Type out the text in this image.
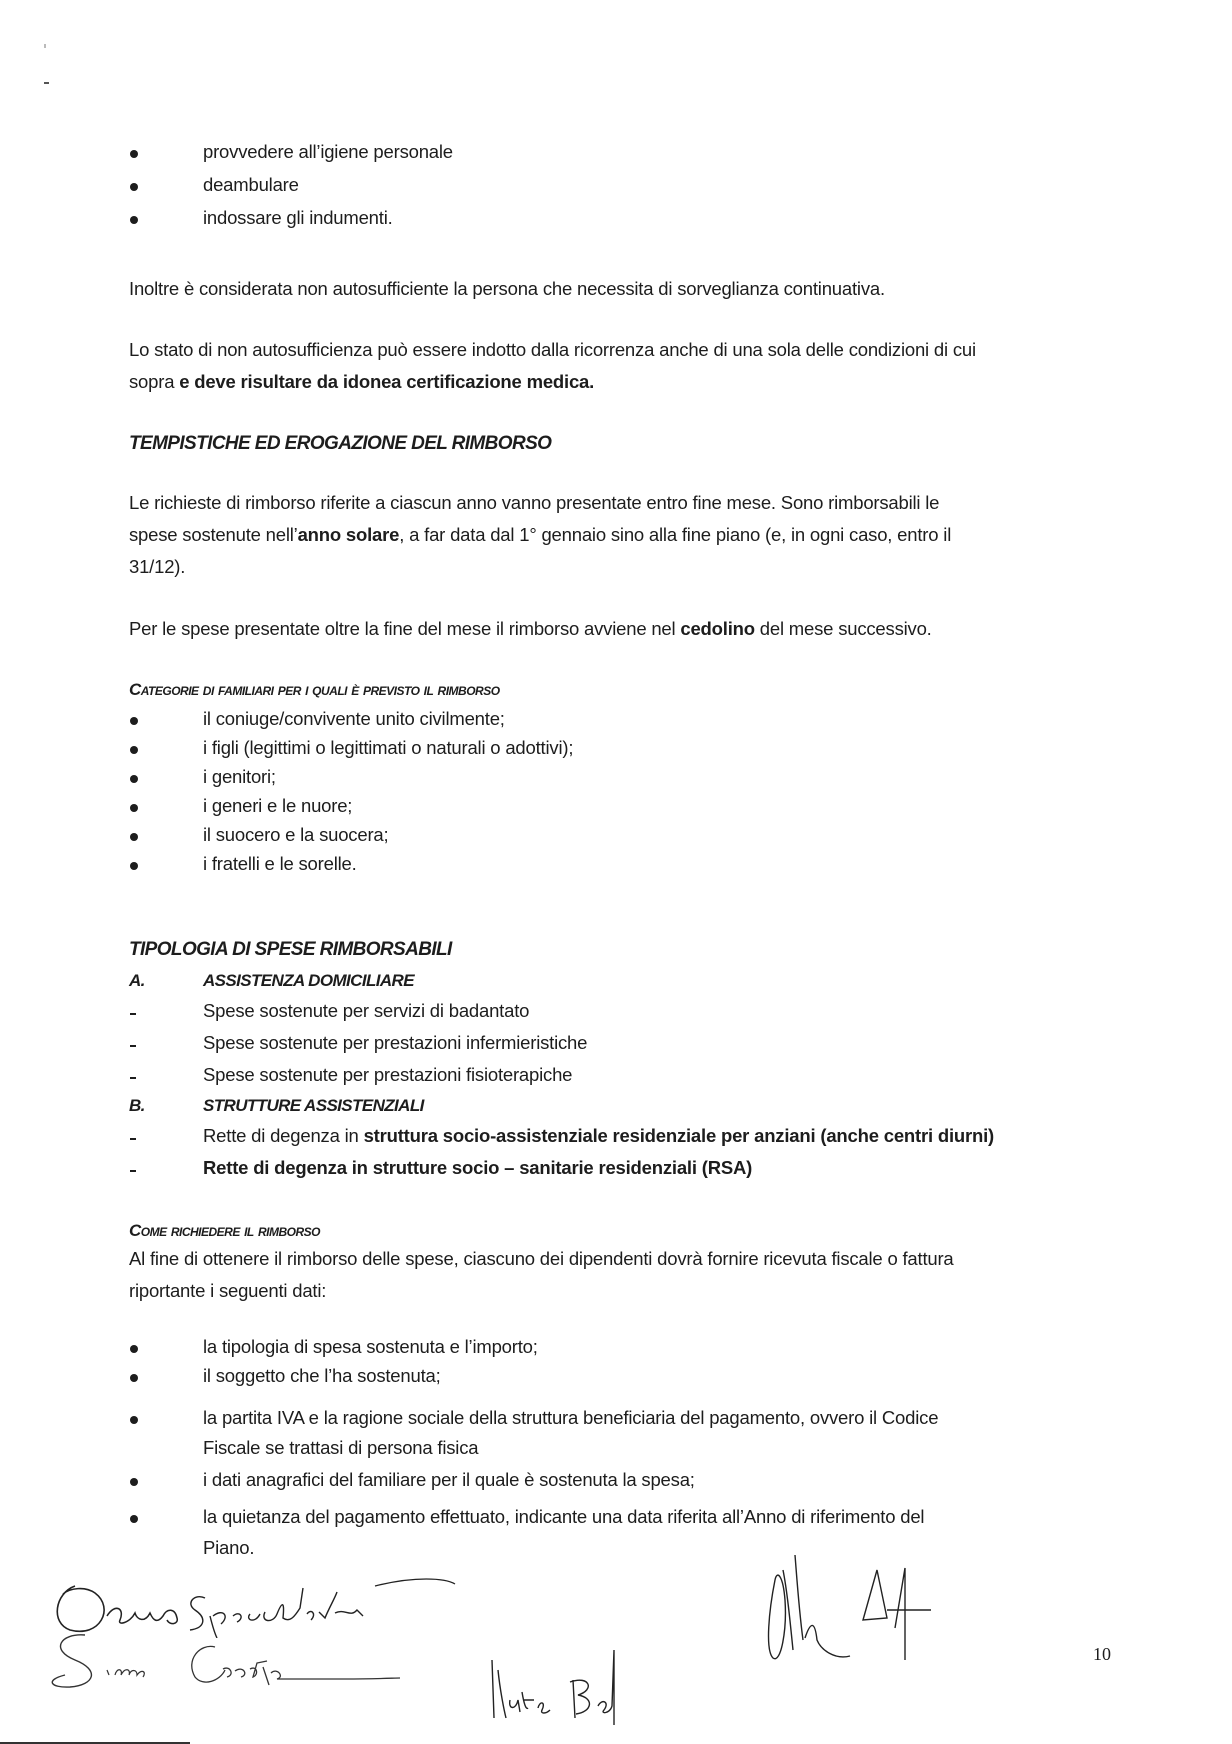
provvedere all’igiene personale
deambulare
indossare gli indumenti.
Inoltre è considerata non autosufficiente la persona che necessita di sorveglianza continuativa.
Lo stato di non autosufficienza può essere indotto dalla ricorrenza anche di una sola delle condizioni di cui
sopra e deve risultare da idonea certificazione medica.
TEMPISTICHE ED EROGAZIONE DEL RIMBORSO
Le richieste di rimborso riferite a ciascun anno vanno presentate entro fine mese. Sono rimborsabili le
spese sostenute nell’anno solare, a far data dal 1° gennaio sino alla fine piano (e, in ogni caso, entro il
31/12).
Per le spese presentate oltre la fine del mese il rimborso avviene nel cedolino del mese successivo.
Categorie di familiari per i quali è previsto il rimborso
il coniuge/convivente unito civilmente;
i figli (legittimi o legittimati o naturali o adottivi);
i genitori;
i generi e le nuore;
il suocero e la suocera;
i fratelli e le sorelle.
TIPOLOGIA DI SPESE RIMBORSABILI
A.	ASSISTENZA DOMICILIARE
Spese sostenute per servizi di badantato
Spese sostenute per prestazioni infermieristiche
Spese sostenute per prestazioni fisioterapiche
B.	STRUTTURE ASSISTENZIALI
Rette di degenza in struttura socio-assistenziale residenziale per anziani (anche centri diurni)
Rette di degenza in strutture socio – sanitarie residenziali (RSA)
Come richiedere il rimborso
Al fine di ottenere il rimborso delle spese, ciascuno dei dipendenti dovrà fornire ricevuta fiscale o fattura
riportante i seguenti dati:
la tipologia di spesa sostenuta e l’importo;
il soggetto che l’ha sostenuta;
la partita IVA e la ragione sociale della struttura beneficiaria del pagamento, ovvero il Codice
Fiscale se trattasi di persona fisica
i dati anagrafici del familiare per il quale è sostenuta la spesa;
la quietanza del pagamento effettuato, indicante una data riferita all’Anno di riferimento del
Piano.
10
